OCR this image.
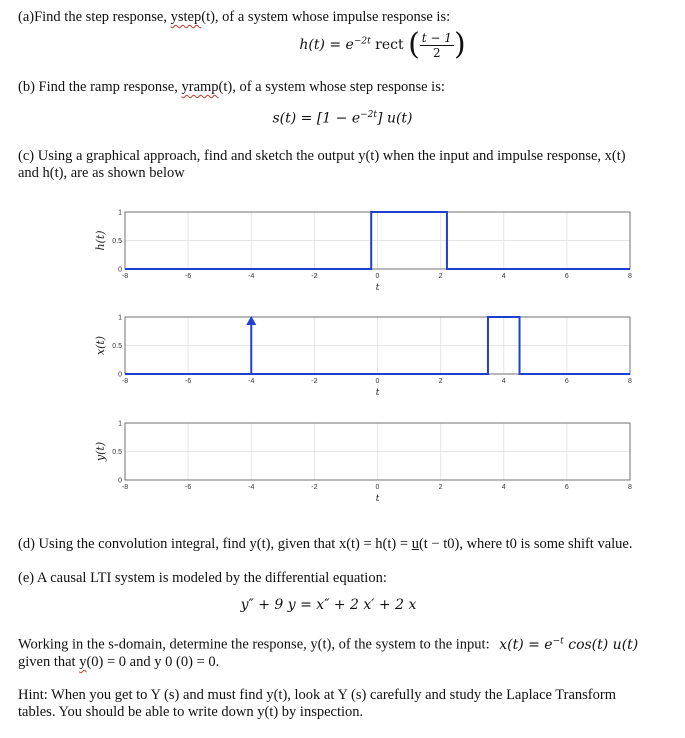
(a)Find the step response, ystep(t), of a system whose impulse response is:
$h(t) = e^{-2t}$ rect ( $\frac{t - 1}{2}$ )
(b) Find the ramp response, yramp(t), of a system whose step response is:
$s(t) = [1 - e^{-2t}]$ u(t)
(c) Using a graphical approach, find and sketch the output y(t) when the input and impulse response, x(t)
and h(t), are as shown below
-8	-6	-4	-2	0	2	4	6	8
0
0.5
1
h(t)
t
-8	-6	-4	-2	0	2	4	6	8
0
0.5
1
x(t)
t
-8	-6	-4	-2	0	2	4	6	8
0
0.5
1
y(t)
t
(d) Using the convolution integral, find y(t), given that x(t) = h(t) = u(t − t0), where t0 is some shift value.
(e) A causal LTI system is modeled by the differential equation:
y″ + 9 y = x″ + 2 x′ + 2 x
Working in the s-domain, determine the response, y(t), of the system to the input: $x(t) = e^{-t}$ cos(t) u(t)
given that y(0) = 0 and y 0 (0) = 0.
Hint: When you get to Y (s) and must find y(t), look at Y (s) carefully and study the Laplace Transform
tables. You should be able to write down y(t) by inspection.
